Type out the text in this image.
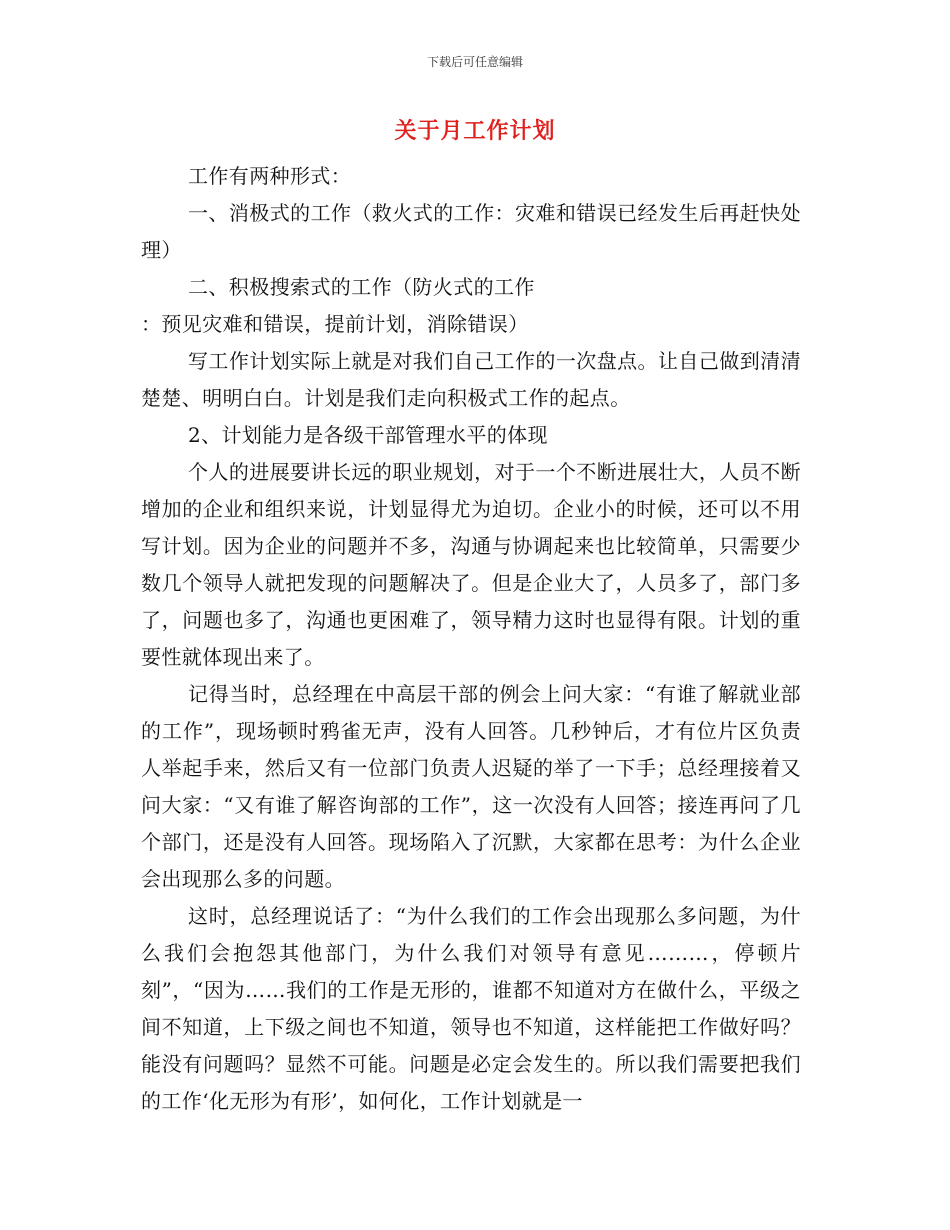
下载后可任意编辑
关于月工作计划

工作有两种形式：

一、消极式的工作（救火式的工作：灾难和错误已经发生后再赶快处理）

二、积极搜索式的工作（防火式的工作

：预见灾难和错误，提前计划，消除错误）

写工作计划实际上就是对我们自己工作的一次盘点。让自己做到清清楚楚、明明白白。计划是我们走向积极式工作的起点。

2、计划能力是各级干部管理水平的体现

个人的进展要讲长远的职业规划，对于一个不断进展壮大，人员不断增加的企业和组织来说，计划显得尤为迫切。企业小的时候，还可以不用写计划。因为企业的问题并不多，沟通与协调起来也比较简单，只需要少数几个领导人就把发现的问题解决了。但是企业大了，人员多了，部门多了，问题也多了，沟通也更困难了，领导精力这时也显得有限。计划的重要性就体现出来了。

记得当时，总经理在中高层干部的例会上问大家：“有谁了解就业部的工作”，现场顿时鸦雀无声，没有人回答。几秒钟后，才有位片区负责人举起手来，然后又有一位部门负责人迟疑的举了一下手；总经理接着又问大家：“又有谁了解咨询部的工作”，这一次没有人回答；接连再问了几个部门，还是没有人回答。现场陷入了沉默，大家都在思考：为什么企业会出现那么多的问题。

这时，总经理说话了：“为什么我们的工作会出现那么多问题，为什么我们会抱怨其他部门，为什么我们对领导有意见………，停顿片刻”，“因为……我们的工作是无形的，谁都不知道对方在做什么，平级之间不知道，上下级之间也不知道，领导也不知道，这样能把工作做好吗？能没有问题吗？显然不可能。问题是必定会发生的。所以我们需要把我们的工作‘化无形为有形’，如何化，工作计划就是一
